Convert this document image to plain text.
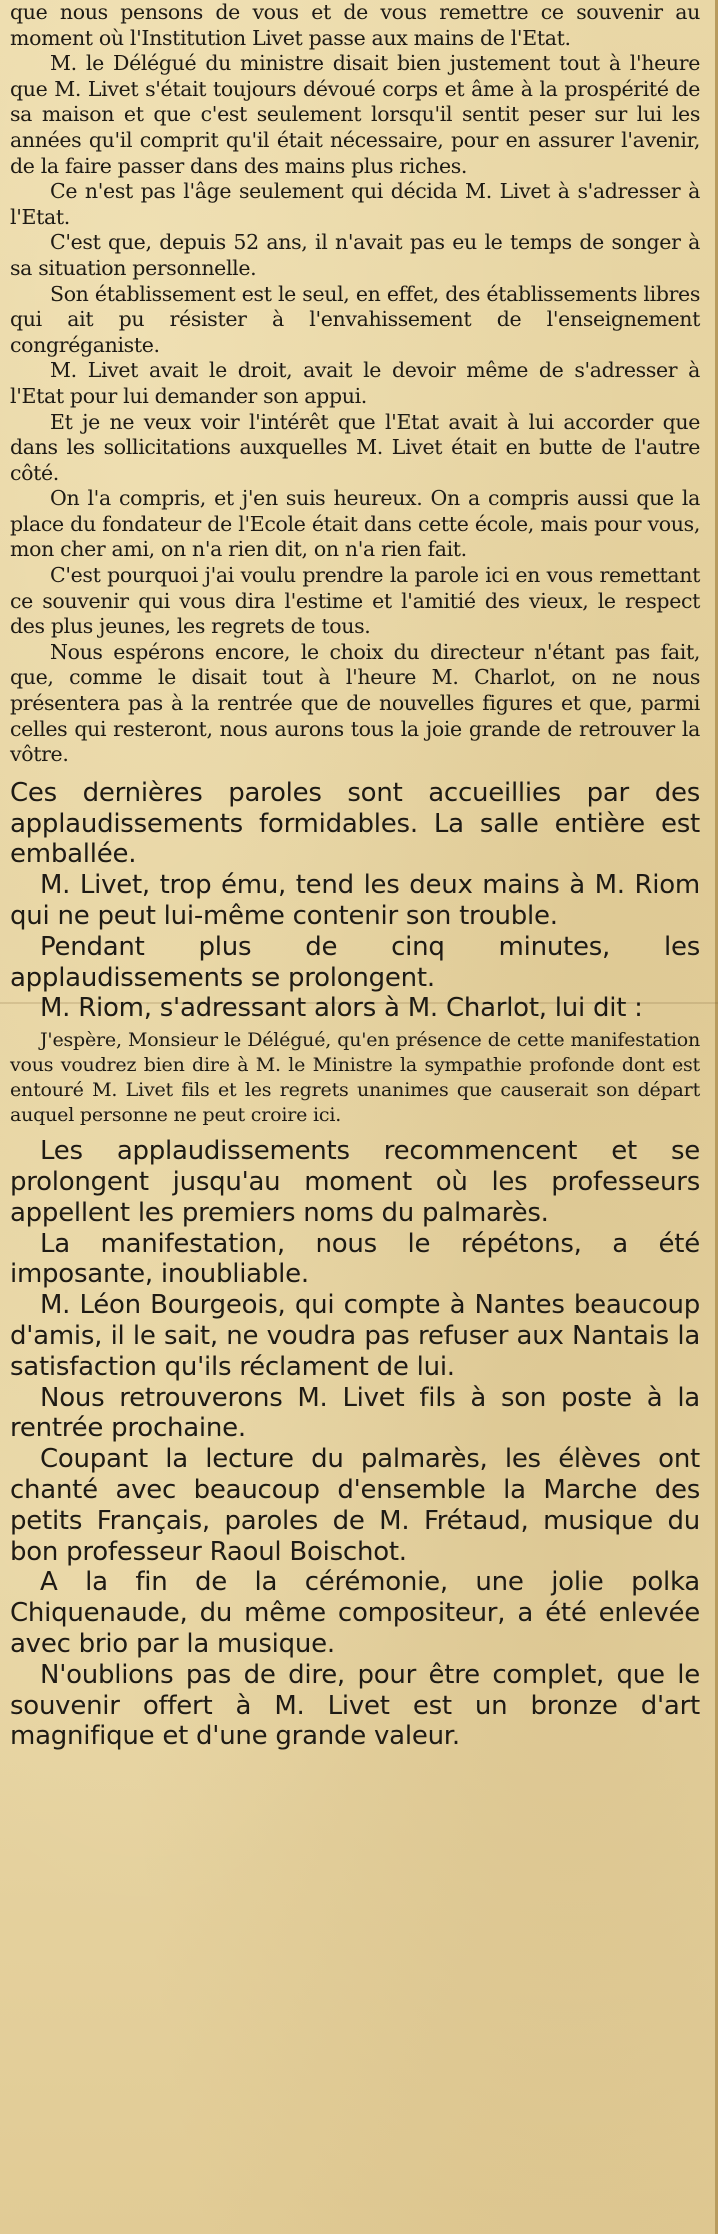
que nous pensons de vous et de vous remettre ce souvenir au moment où l'Institution Livet passe aux mains de l'Etat.

M. le Délégué du ministre disait bien justement tout à l'heure que M. Livet s'était toujours dévoué corps et âme à la prospérité de sa maison et que c'est seulement lorsqu'il sentit peser sur lui les années qu'il comprit qu'il était nécessaire, pour en assurer l'avenir, de la faire passer dans des mains plus riches.

Ce n'est pas l'âge seulement qui décida M. Livet à s'adresser à l'Etat.

C'est que, depuis 52 ans, il n'avait pas eu le temps de songer à sa situation personnelle.

Son établissement est le seul, en effet, des établissements libres qui ait pu résister à l'envahissement de l'enseignement congréganiste.

M. Livet avait le droit, avait le devoir même de s'adresser à l'Etat pour lui demander son appui.

Et je ne veux voir l'intérêt que l'Etat avait à lui accorder que dans les sollicitations auxquelles M. Livet était en butte de l'autre côté.

On l'a compris, et j'en suis heureux. On a compris aussi que la place du fondateur de l'Ecole était dans cette école, mais pour vous, mon cher ami, on n'a rien dit, on n'a rien fait.

C'est pourquoi j'ai voulu prendre la parole ici en vous remettant ce souvenir qui vous dira l'estime et l'amitié des vieux, le respect des plus jeunes, les regrets de tous.

Nous espérons encore, le choix du directeur n'étant pas fait, que, comme le disait tout à l'heure M. Charlot, on ne nous présentera pas à la rentrée que de nouvelles figures et que, parmi celles qui resteront, nous aurons tous la joie grande de retrouver la vôtre.

Ces dernières paroles sont accueillies par des applaudissements formidables. La salle entière est emballée.

M. Livet, trop ému, tend les deux mains à M. Riom qui ne peut lui-même contenir son trouble.

Pendant plus de cinq minutes, les applaudissements se prolongent.

M. Riom, s'adressant alors à M. Charlot, lui dit :

J'espère, Monsieur le Délégué, qu'en présence de cette manifestation vous voudrez bien dire à M. le Ministre la sympathie profonde dont est entouré M. Livet fils et les regrets unanimes que causerait son départ auquel personne ne peut croire ici.

Les applaudissements recommencent et se prolongent jusqu'au moment où les professeurs appellent les premiers noms du palmarès.

La manifestation, nous le répétons, a été imposante, inoubliable.

M. Léon Bourgeois, qui compte à Nantes beaucoup d'amis, il le sait, ne voudra pas refuser aux Nantais la satisfaction qu'ils réclament de lui.

Nous retrouverons M. Livet fils à son poste à la rentrée prochaine.

Coupant la lecture du palmarès, les élèves ont chanté avec beaucoup d'ensemble la Marche des petits Français, paroles de M. Frétaud, musique du bon professeur Raoul Boischot.

A la fin de la cérémonie, une jolie polka Chiquenaude, du même compositeur, a été enlevée avec brio par la musique.

N'oublions pas de dire, pour être complet, que le souvenir offert à M. Livet est un bronze d'art magnifique et d'une grande valeur.
